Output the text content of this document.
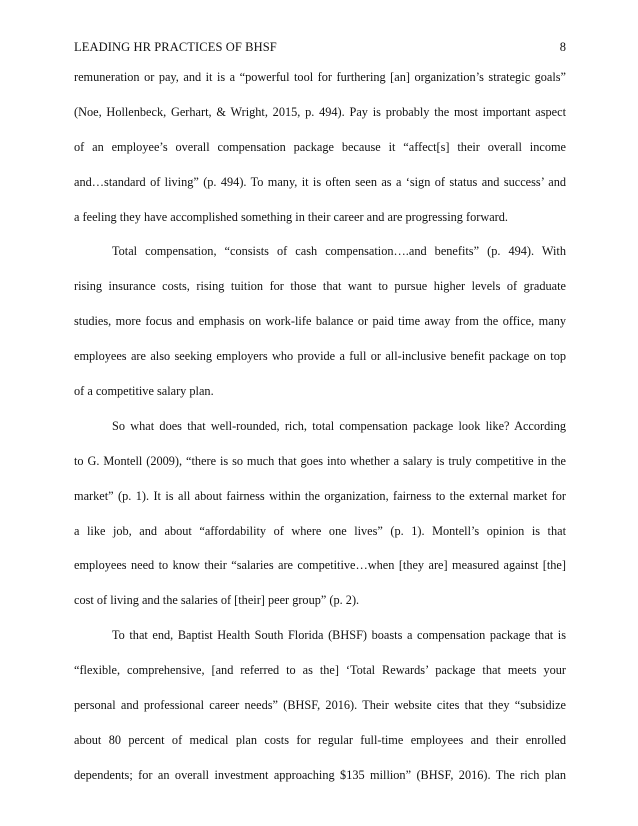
LEADING HR PRACTICES OF BHSF	8
remuneration or pay, and it is a “powerful tool for furthering [an] organization’s strategic goals”
(Noe, Hollenbeck, Gerhart, & Wright, 2015, p. 494). Pay is probably the most important aspect
of an employee’s overall compensation package because it “affect[s] their overall income
and…standard of living” (p. 494). To many, it is often seen as a ‘sign of status and success’ and
a feeling they have accomplished something in their career and are progressing forward.
Total compensation, “consists of cash compensation….and benefits” (p. 494). With
rising insurance costs, rising tuition for those that want to pursue higher levels of graduate
studies, more focus and emphasis on work-life balance or paid time away from the office, many
employees are also seeking employers who provide a full or all-inclusive benefit package on top
of a competitive salary plan.
So what does that well-rounded, rich, total compensation package look like? According
to G. Montell (2009), “there is so much that goes into whether a salary is truly competitive in the
market” (p. 1). It is all about fairness within the organization, fairness to the external market for
a like job, and about “affordability of where one lives” (p. 1). Montell’s opinion is that
employees need to know their “salaries are competitive…when [they are] measured against [the]
cost of living and the salaries of [their] peer group” (p. 2).
To that end, Baptist Health South Florida (BHSF) boasts a compensation package that is
“flexible, comprehensive, [and referred to as the] ‘Total Rewards’ package that meets your
personal and professional career needs” (BHSF, 2016). Their website cites that they “subsidize
about 80 percent of medical plan costs for regular full-time employees and their enrolled
dependents; for an overall investment approaching $135 million” (BHSF, 2016). The rich plan
